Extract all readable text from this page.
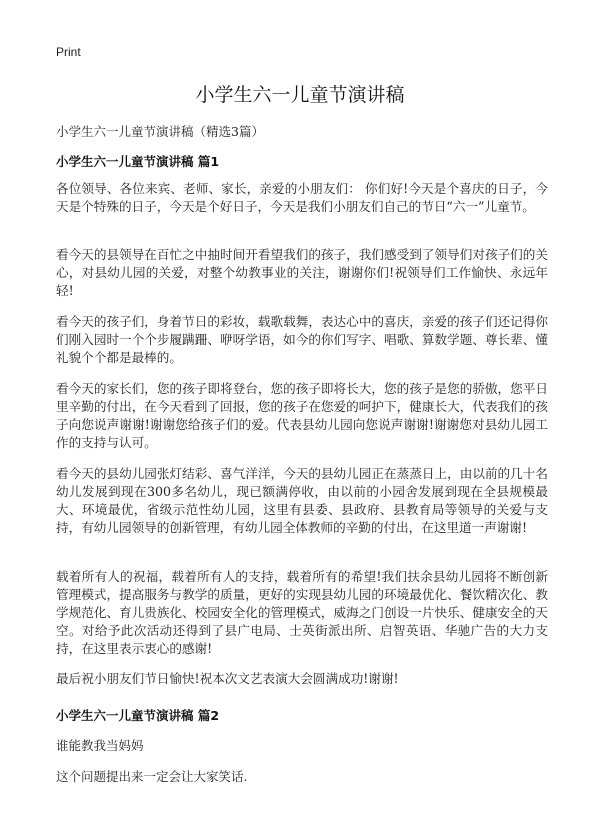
Print
小学生六一儿童节演讲稿
小学生六一儿童节演讲稿（精选3篇）
小学生六一儿童节演讲稿 篇1
各位领导、各位来宾、老师、家长，亲爱的小朋友们： 你们好!今天是个喜庆的日子，今天是个特殊的日子，今天是个好日子，今天是我们小朋友们自己的节日“六一”儿童节。
看今天的县领导在百忙之中抽时间开看望我们的孩子，我们感受到了领导们对孩子们的关心，对县幼儿园的关爱，对整个幼教事业的关注，谢谢你们!祝领导们工作愉快、永远年轻!
看今天的孩子们，身着节日的彩妆，载歌载舞，表达心中的喜庆，亲爱的孩子们还记得你们刚入园时一个个步履蹒跚、咿呀学语，如今的你们写字、唱歌、算数学题、尊长辈、懂礼貌个个都是最棒的。
看今天的家长们，您的孩子即将登台，您的孩子即将长大，您的孩子是您的骄傲，您平日里辛勤的付出，在今天看到了回报，您的孩子在您爱的呵护下，健康长大，代表我们的孩子向您说声谢谢!谢谢您给孩子们的爱。代表县幼儿园向您说声谢谢!谢谢您对县幼儿园工作的支持与认可。
看今天的县幼儿园张灯结彩、喜气洋洋，今天的县幼儿园正在蒸蒸日上，由以前的几十名幼儿发展到现在300多名幼儿，现已额满停收，由以前的小园舍发展到现在全县规模最大、环境最优，省级示范性幼儿园，这里有县委、县政府、县教育局等领导的关爱与支持，有幼儿园领导的创新管理，有幼儿园全体教师的辛勤的付出，在这里道一声谢谢!
载着所有人的祝福，载着所有人的支持，载着所有的希望!我们扶余县幼儿园将不断创新管理模式，提高服务与教学的质量，更好的实现县幼儿园的环境最优化、餐饮精次化、教学规范化、育儿贵族化、校园安全化的管理模式，威海之门创设一片快乐、健康安全的天空。对给予此次活动还得到了县广电局、士英街派出所、启智英语、华驰广告的大力支持，在这里表示衷心的感谢!
最后祝小朋友们节日愉快!祝本次文艺表演大会圆满成功!谢谢!
小学生六一儿童节演讲稿 篇2
谁能教我当妈妈
这个问题提出来一定会让大家笑话.
